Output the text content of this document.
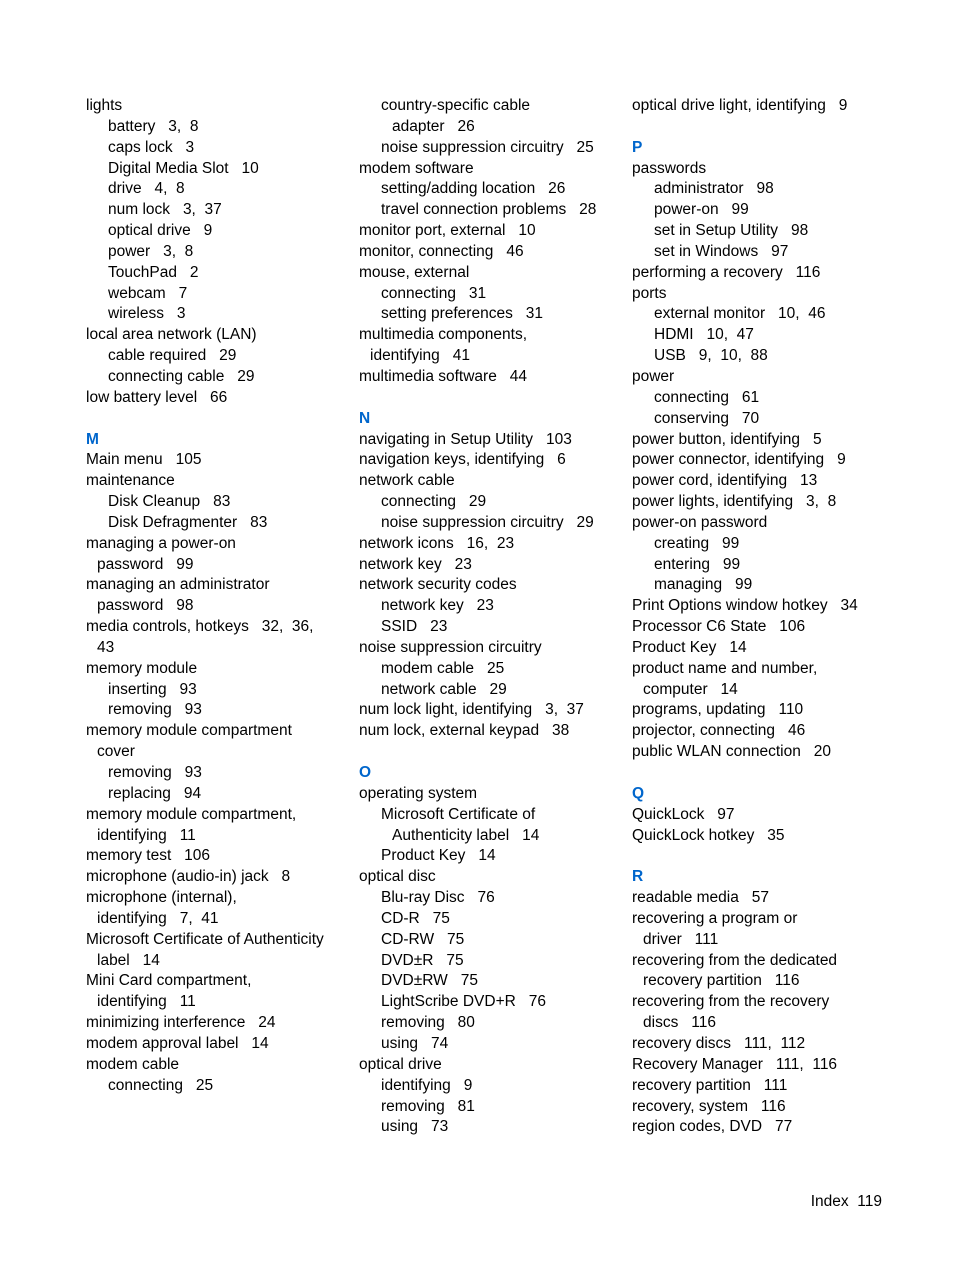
lights
battery   3,  8
caps lock   3
Digital Media Slot   10
drive   4,  8
num lock   3,  37
optical drive   9
power   3,  8
TouchPad   2
webcam   7
wireless   3
local area network (LAN)
cable required   29
connecting cable   29
low battery level   66
M
Main menu   105
maintenance
Disk Cleanup   83
Disk Defragmenter   83
managing a power-on
password   99
managing an administrator
password   98
media controls, hotkeys   32,  36,
43
memory module
inserting   93
removing   93
memory module compartment
cover
removing   93
replacing   94
memory module compartment,
identifying   11
memory test   106
microphone (audio-in) jack   8
microphone (internal),
identifying   7,  41
Microsoft Certificate of Authenticity
label   14
Mini Card compartment,
identifying   11
minimizing interference   24
modem approval label   14
modem cable
connecting   25
country-specific cable
adapter   26
noise suppression circuitry   25
modem software
setting/adding location   26
travel connection problems   28
monitor port, external   10
monitor, connecting   46
mouse, external
connecting   31
setting preferences   31
multimedia components,
identifying   41
multimedia software   44
N
navigating in Setup Utility   103
navigation keys, identifying   6
network cable
connecting   29
noise suppression circuitry   29
network icons   16,  23
network key   23
network security codes
network key   23
SSID   23
noise suppression circuitry
modem cable   25
network cable   29
num lock light, identifying   3,  37
num lock, external keypad   38
O
operating system
Microsoft Certificate of
Authenticity label   14
Product Key   14
optical disc
Blu-ray Disc   76
CD-R   75
CD-RW   75
DVD±R   75
DVD±RW   75
LightScribe DVD+R   76
removing   80
using   74
optical drive
identifying   9
removing   81
using   73
optical drive light, identifying   9
P
passwords
administrator   98
power-on   99
set in Setup Utility   98
set in Windows   97
performing a recovery   116
ports
external monitor   10,  46
HDMI   10,  47
USB   9,  10,  88
power
connecting   61
conserving   70
power button, identifying   5
power connector, identifying   9
power cord, identifying   13
power lights, identifying   3,  8
power-on password
creating   99
entering   99
managing   99
Print Options window hotkey   34
Processor C6 State   106
Product Key   14
product name and number,
computer   14
programs, updating   110
projector, connecting   46
public WLAN connection   20
Q
QuickLock   97
QuickLock hotkey   35
R
readable media   57
recovering a program or
driver   111
recovering from the dedicated
recovery partition   116
recovering from the recovery
discs   116
recovery discs   111,  112
Recovery Manager   111,  116
recovery partition   111
recovery, system   116
region codes, DVD   77
Index 119
